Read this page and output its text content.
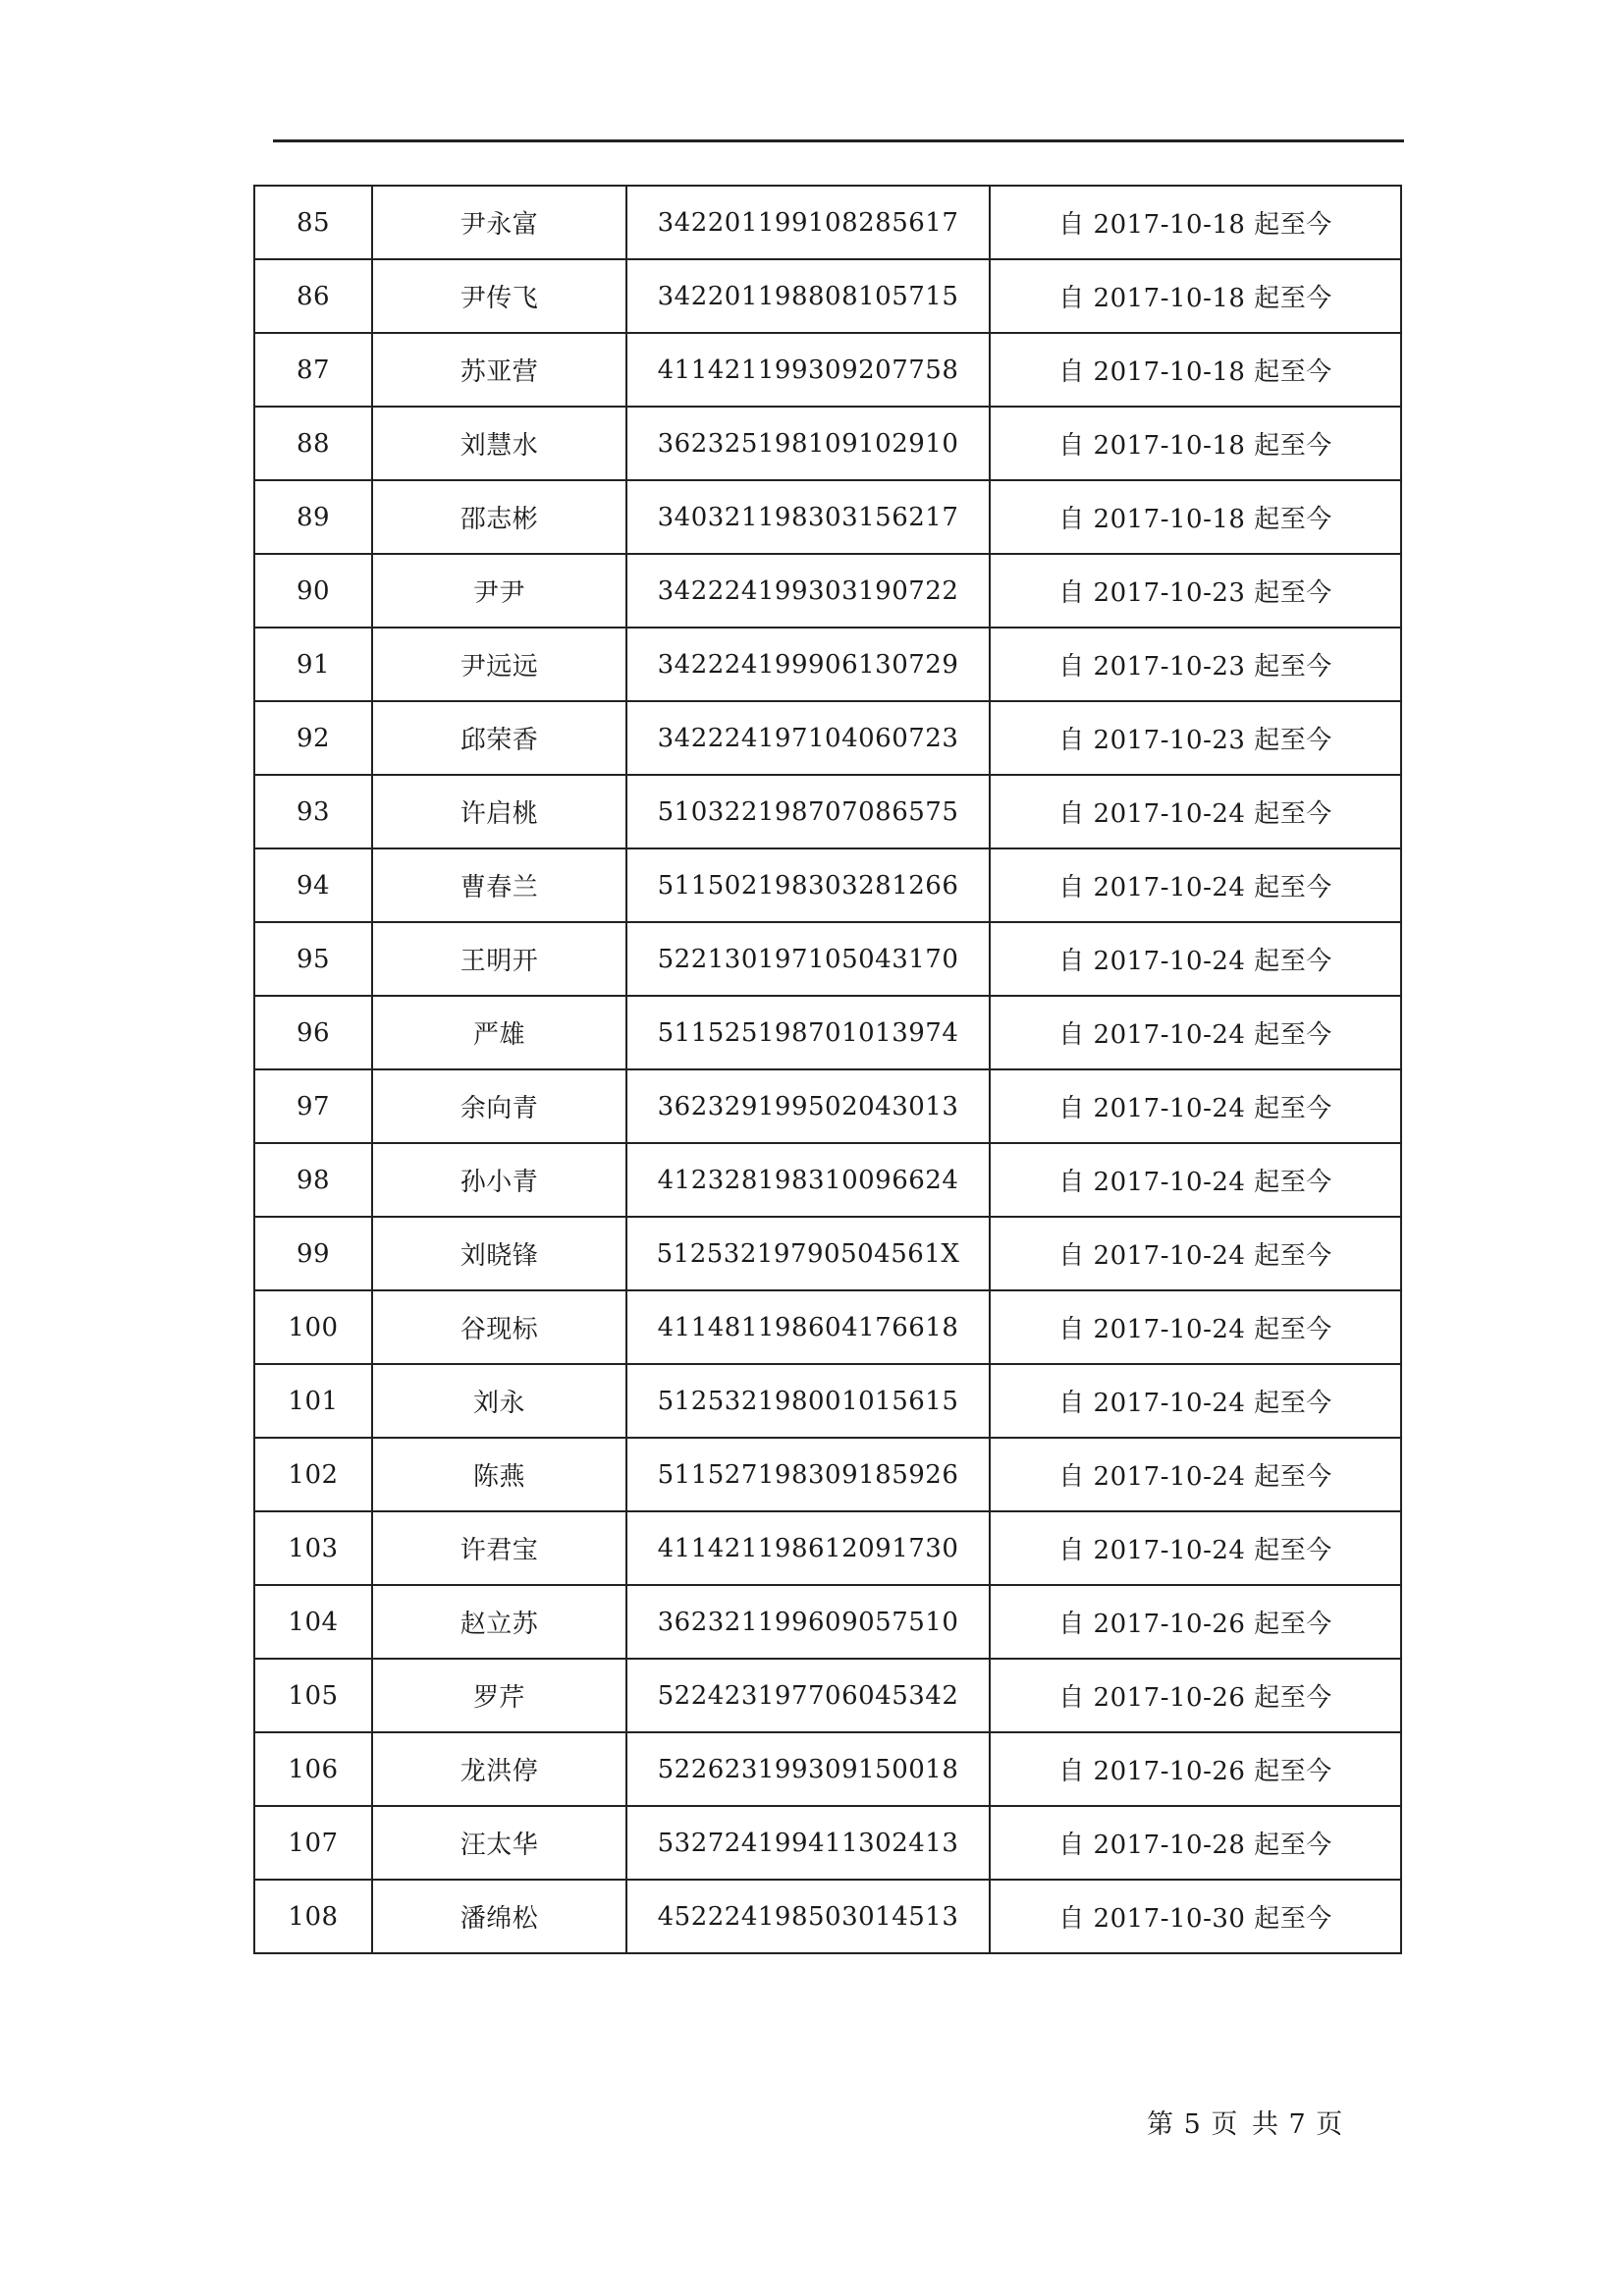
85	尹永富	342201199108285617	自 2017-10-18 起至今
86	尹传飞	342201198808105715	自 2017-10-18 起至今
87	苏亚营	411421199309207758	自 2017-10-18 起至今
88	刘慧水	362325198109102910	自 2017-10-18 起至今
89	邵志彬	340321198303156217	自 2017-10-18 起至今
90	尹尹	342224199303190722	自 2017-10-23 起至今
91	尹远远	342224199906130729	自 2017-10-23 起至今
92	邱荣香	342224197104060723	自 2017-10-23 起至今
93	许启桃	510322198707086575	自 2017-10-24 起至今
94	曹春兰	511502198303281266	自 2017-10-24 起至今
95	王明开	522130197105043170	自 2017-10-24 起至今
96	严雄	511525198701013974	自 2017-10-24 起至今
97	余向青	362329199502043013	自 2017-10-24 起至今
98	孙小青	412328198310096624	自 2017-10-24 起至今
99	刘晓锋	51253219790504561X	自 2017-10-24 起至今
100	谷现标	411481198604176618	自 2017-10-24 起至今
101	刘永	512532198001015615	自 2017-10-24 起至今
102	陈燕	511527198309185926	自 2017-10-24 起至今
103	许君宝	411421198612091730	自 2017-10-24 起至今
104	赵立苏	362321199609057510	自 2017-10-26 起至今
105	罗芹	522423197706045342	自 2017-10-26 起至今
106	龙洪停	522623199309150018	自 2017-10-26 起至今
107	汪太华	532724199411302413	自 2017-10-28 起至今
108	潘绵松	452224198503014513	自 2017-10-30 起至今
第 5 页 共 7 页
